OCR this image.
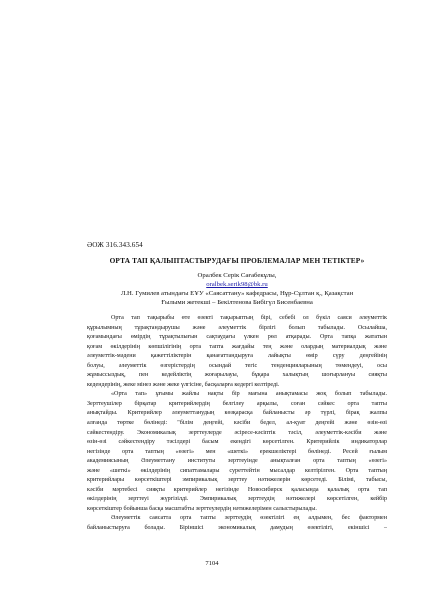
ӘОЖ 316.343.654
ОРТА ТАП ҚАЛЫПТАСТЫРУДАҒЫ ПРОБЛЕМАЛАР МЕН ТЕТІКТЕР»
Оралбек Серік Сағабекұлы,
oralbek.serik98@bk.ru
Л.Н. Гумилев атындағы ЕҰУ «Саясаттану» кафедрасы, Нұр-Сұлтан қ., Қазақстан
Ғылыми жетекші – Бекілтенова Бибігүл Бисенбаевна
Орта тап тақырыбы өте өзекті тақырыптың бірі, себебі ол бүкіл саяси әлеуметтік
құрылымның тұрақтандырушы және әлеуметтік бірлігі болып табылады. Осылайша,
қоғамындағы өмірдің тұрақтылығын сақтаудағы үлкен рөл атқарады. Орта тапқа жататын
қоғам өкілдерінің көпшілігінің орта тапта жағдайы тең және олардың материалдық және
әлеуметтік-мәдени қажеттіліктерін қанағаттандыруға лайықты өмір сүру деңгейінің
болуы, әлеуметтік өзгерістердің осындай тегіс тенденцияларының төмендеуі, осы
жұмыссыздық, пен кедейліктің жоғарылауы, бұқара халықтың шоғырлануы сияқты
кедендерінің, жеке мінез және жеке үлгісіне, басқаларға кедергі келтіреді.
«Орта тап» ұғымы жайлы нақты бір мағына анықтамасы жоқ болып табылады.
Зерттеушілер бірқатар критерийлердің белгілеу арқылы, соған сәйкес орта тапты
анықтайды. Критерийлер әлеуметтанудың көзқарасқа байланысты әр түрлі, бірақ жалпы
алғанда төртке бөлінеді: "білім деңгейі, кәсіби бедел, ал-қуат деңгейі және өзін-өзі
сәйкестендіру. Экономикалық зерттеулерде әсіресе-кәсіптік тәсіл, әлеуметтік-кәсіби және
өзін-өзі сәйкестендіру тәсілдері басым екендігі көрсетілген. Критерийлік индикаторлар
негізінде орта таптың «өзегі» мен «шеткі» ерекшеліктері бөлінеді. Ресей ғылым
академиясының Әлеуметтану институты зерттеуінде анықталған орта таптың «өзегі»
және «шеткі» өкілдерінің сипаттамалары суреттейтін мысалдар келтірілген. Орта таптың
критерийлары көрсеткіштері эмпирикалық зерттеу нәтижелерін көрсетеді. Білімі, табысы,
кәсіби мәртебесі сияқты критерийлер негізінде Новосибирск қаласында қалалық орта тап
өкілдерінің зерттеуі жүргізілді. Эмпирикалық зерттеудің нәтижелері көрсетілген, кейбір
көрсеткіштер бойынша басқа масштабты зерттеулердің нәтижелерімен салыстырылады.
Әлеуметтік саясатта орта тапты зерттеудің өзектілігі ең алдымен, бес фактормен
байланыстыруға болады. Біріншісі экономикалық дамудың өзектілігі, екіншісі –
7104
